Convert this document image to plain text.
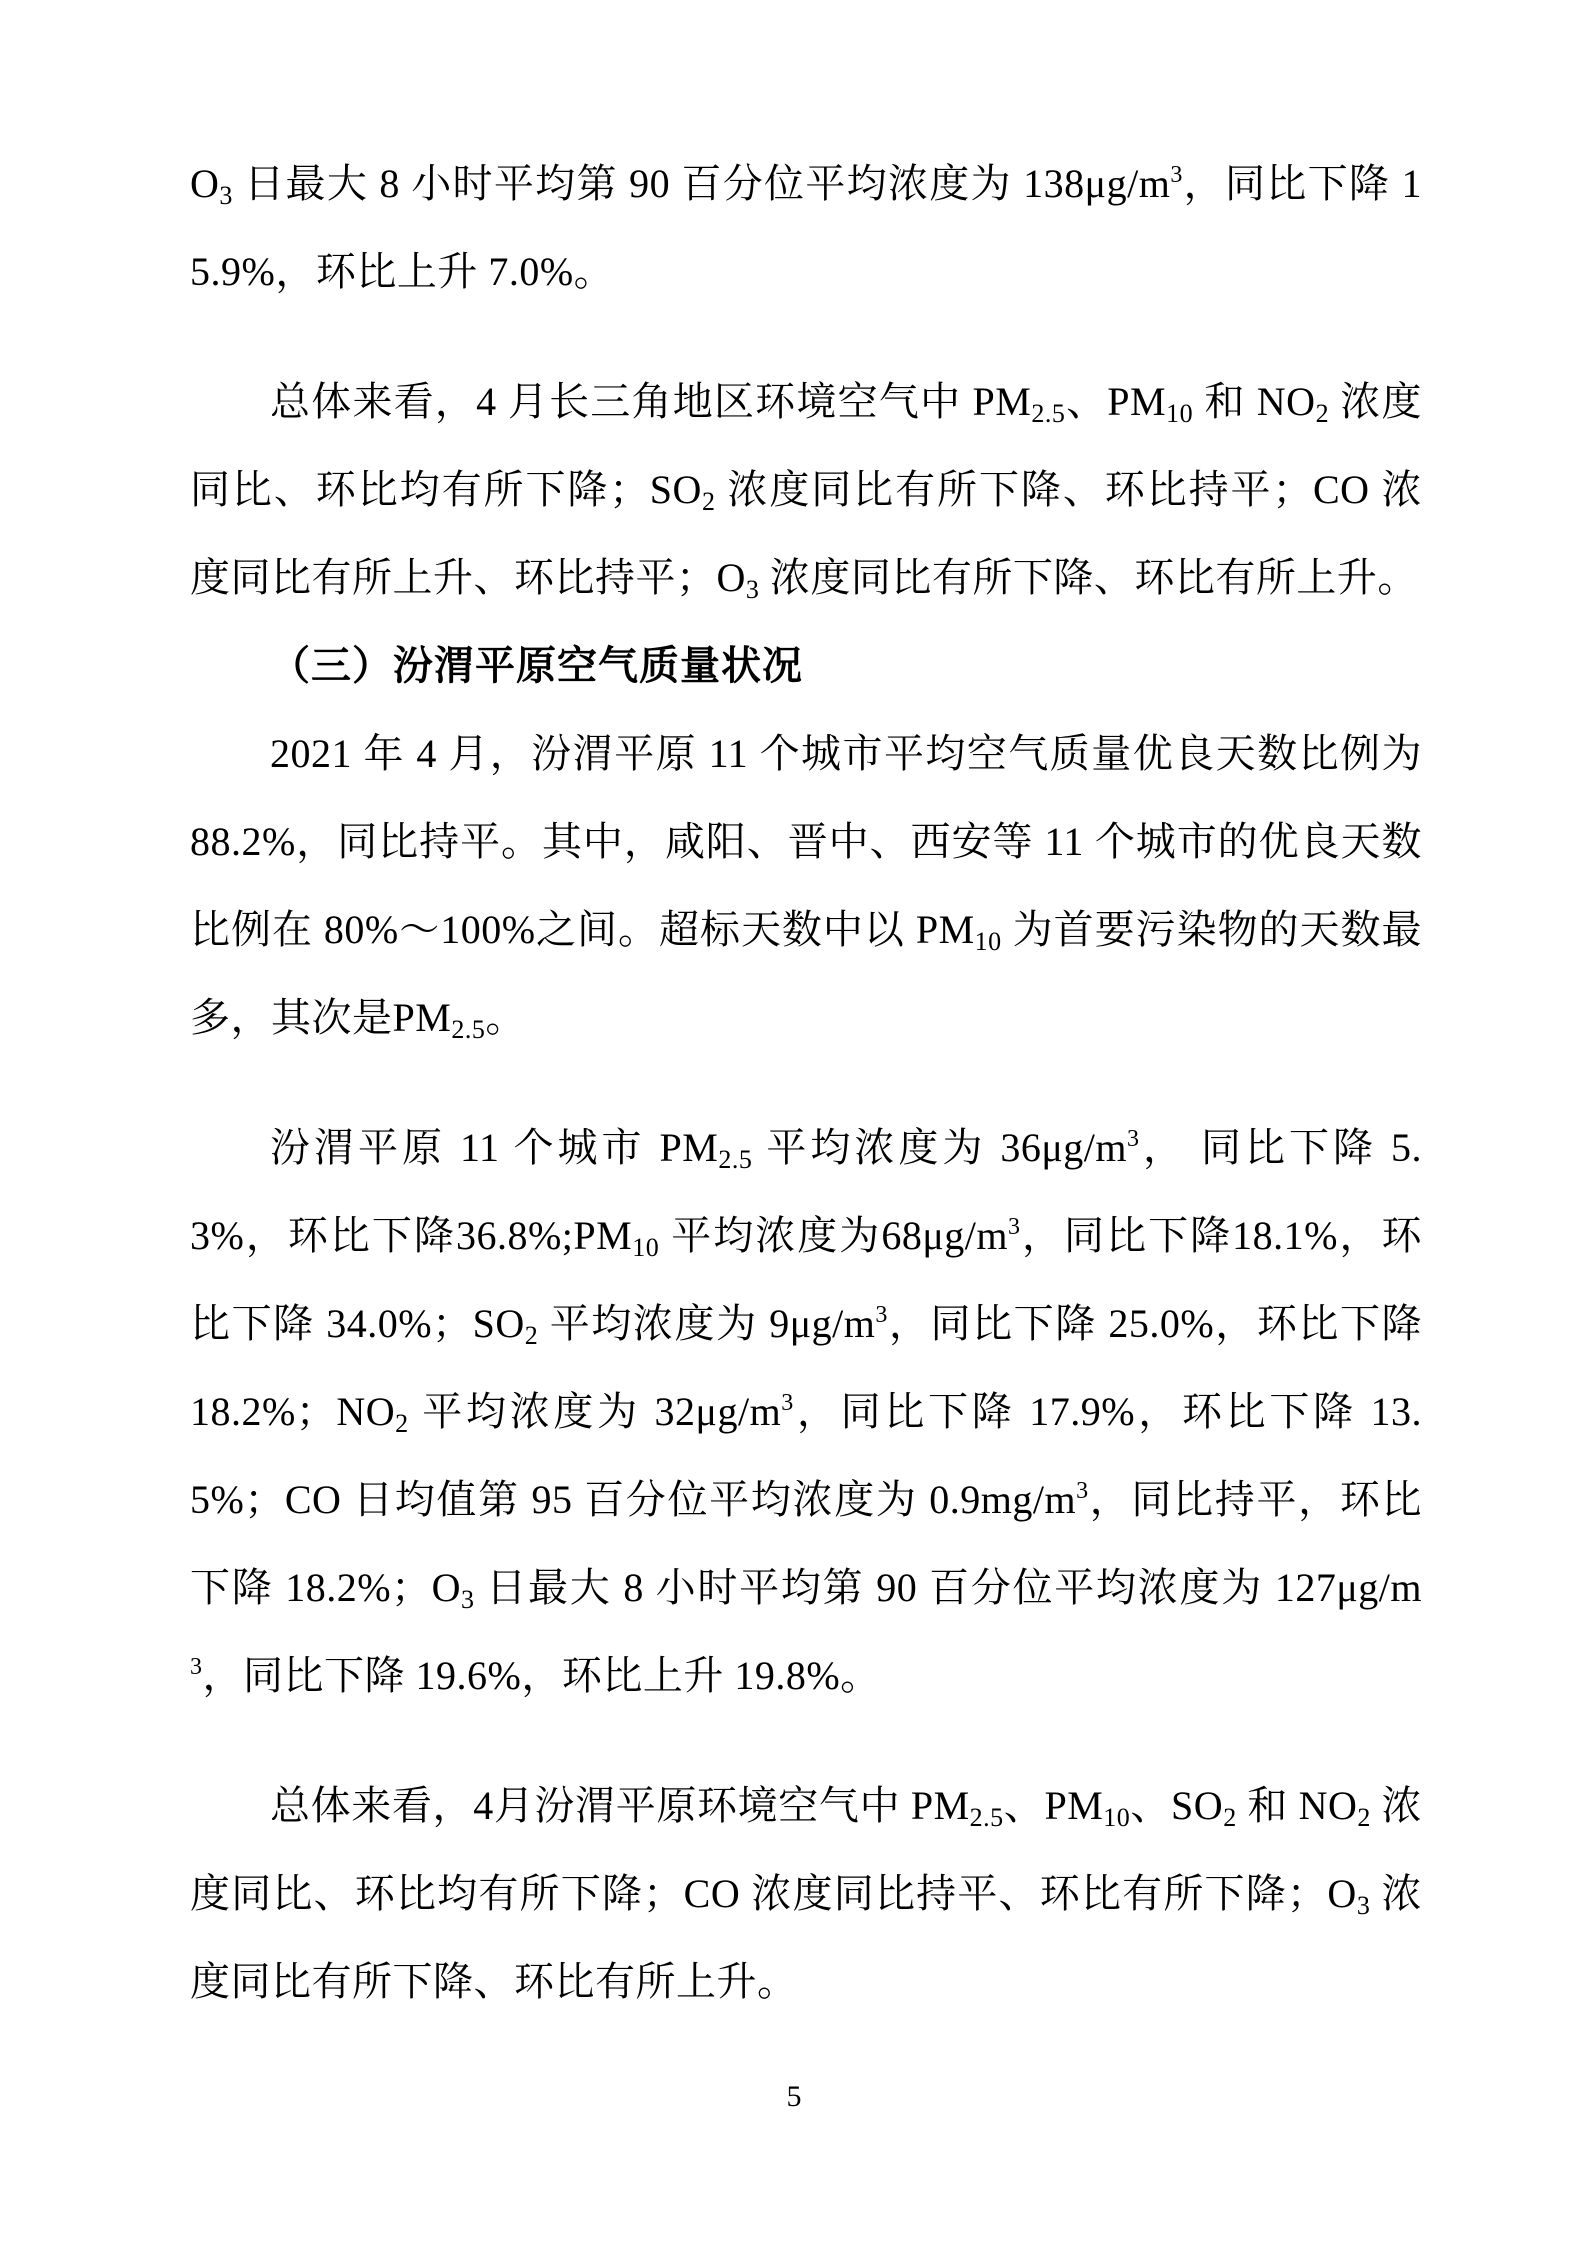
$O_3$ 日最大 8 小时平均第 90 百分位平均浓度为 $138\mu g/m^3$，同比下降 15.9%，环比上升 7.0%。

总体来看，4 月长三角地区环境空气中 $PM_{2.5}$、$PM_{10}$ 和 $NO_2$ 浓度同比、环比均有所下降；$SO_2$ 浓度同比有所下降、环比持平；CO 浓度同比有所上升、环比持平；$O_3$ 浓度同比有所下降、环比有所上升。

（三）汾渭平原空气质量状况

2021 年 4 月，汾渭平原 11 个城市平均空气质量优良天数比例为 88.2%，同比持平。其中，咸阳、晋中、西安等 11 个城市的优良天数比例在 80%～100%之间。超标天数中以 $PM_{10}$ 为首要污染物的天数最多，其次是$PM_{2.5}$。

汾渭平原 11 个城市 $PM_{2.5}$ 平均浓度为 $36\mu g/m^3$， 同比下降 5.3%，环比下降$36.8\%;PM_{10}$ 平均浓度为$68\mu g/m^3$，同比下降18.1%，环比下降 34.0%；$SO_2$ 平均浓度为 $9\mu g/m^3$，同比下降 25.0%，环比下降 18.2%；$NO_2$ 平均浓度为 $32\mu g/m^3$，同比下降 17.9%，环比下降 13.5%；CO 日均值第 95 百分位平均浓度为 $0.9mg/m^3$，同比持平，环比下降 18.2%；$O_3$ 日最大 8 小时平均第 90 百分位平均浓度为 $127\mu g/m^3$，同比下降 19.6%，环比上升 19.8%。

总体来看，4月汾渭平原环境空气中 $PM_{2.5}$、$PM_{10}$、$SO_2$ 和 $NO_2$ 浓度同比、环比均有所下降；CO 浓度同比持平、环比有所下降；$O_3$ 浓度同比有所下降、环比有所上升。

5
